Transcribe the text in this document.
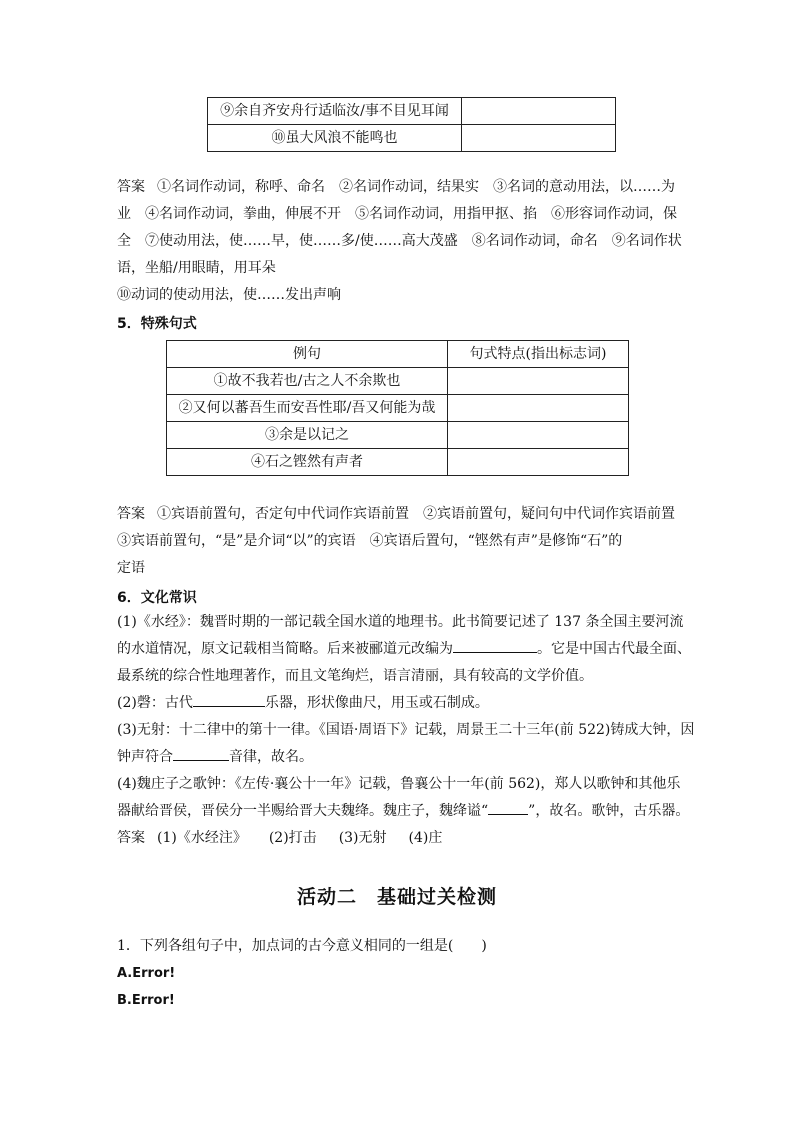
⑨余自齐安舟行适临汝/事不目见耳闻	
⑩虽大风浪不能鸣也	
答案 ①名词作动词，称呼、命名　②名词作动词，结果实　③名词的意动用法，以……为
业　④名词作动词，拳曲，伸展不开　⑤名词作动词，用指甲抠、掐　⑥形容词作动词，保
全　⑦使动用法，使……早，使……多/使……高大茂盛　⑧名词作动词，命名　⑨名词作状
语，坐船/用眼睛，用耳朵
⑩动词的使动用法，使……发出声响
5．特殊句式
例句	句式特点(指出标志词)
①故不我若也/古之人不余欺也	
②又何以蕃吾生而安吾性耶/吾又何能为哉	
③余是以记之	
④石之铿然有声者	
答案 ①宾语前置句，否定句中代词作宾语前置　②宾语前置句，疑问句中代词作宾语前置
③宾语前置句，“是”是介词“以”的宾语　④宾语后置句，“铿然有声”是修饰“石”的
定语
6．文化常识
(1)《水经》：魏晋时期的一部记载全国水道的地理书。此书简要记述了 137 条全国主要河流
的水道情况，原文记载相当简略。后来被郦道元改编为	。它是中国古代最全面、
最系统的综合性地理著作，而且文笔绚烂，语言清丽，具有较高的文学价值。
(2)磬：古代	乐器，形状像曲尺，用玉或石制成。
(3)无射：十二律中的第十一律。《国语·周语下》记载，周景王二十三年(前 522)铸成大钟，因
钟声符合	音律，故名。
(4)魏庄子之歌钟：《左传·襄公十一年》记载，鲁襄公十一年(前 562)，郑人以歌钟和其他乐
器献给晋侯，晋侯分一半赐给晋大夫魏绛。魏庄子，魏绛谥“	”，故名。歌钟，古乐器。
答案 (1)《水经注》 (2)打击 (3)无射 (4)庄
活动二　基础过关检测
1．下列各组句子中，加点词的古今意义相同的一组是(　　)
A.Error!
B.Error!
